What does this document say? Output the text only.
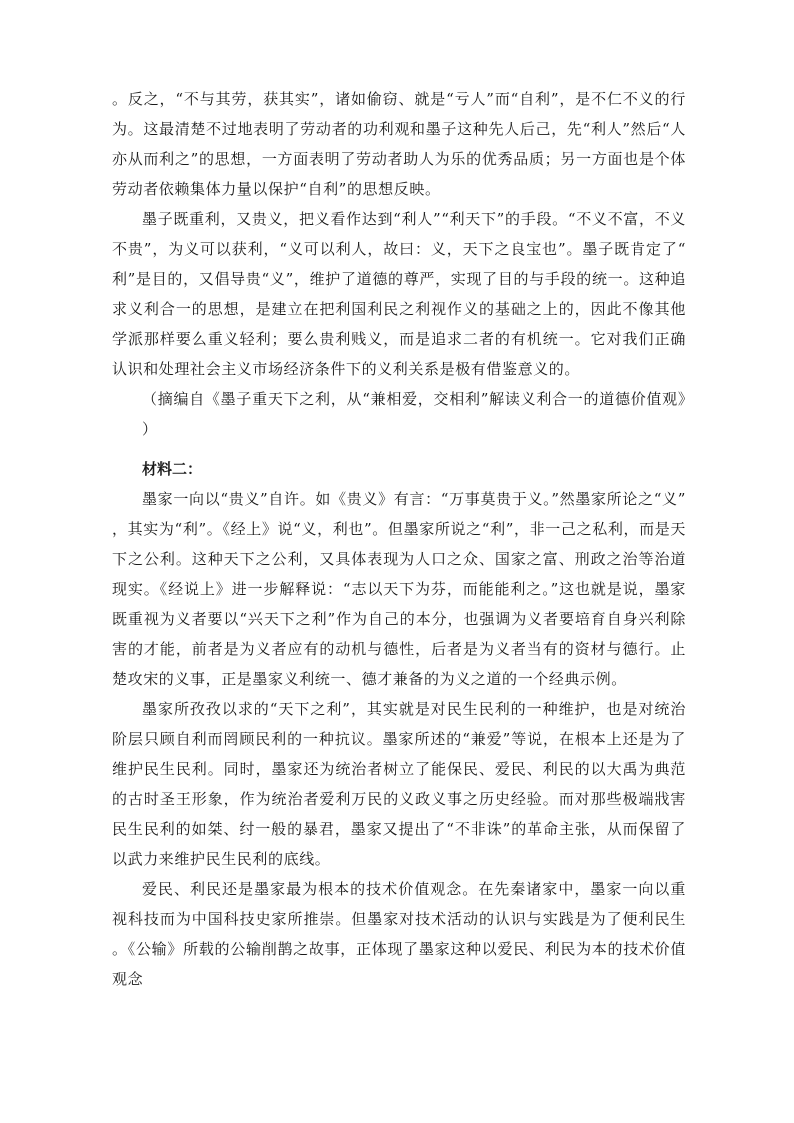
。反之，“不与其劳，获其实”，诸如偷窃、就是“亏人”而“自利”，是不仁不义的行为。这最清楚不过地表明了劳动者的功利观和墨子这种先人后己，先“利人”然后“人亦从而利之”的思想，一方面表明了劳动者助人为乐的优秀品质；另一方面也是个体劳动者依赖集体力量以保护“自利”的思想反映。

墨子既重利，又贵义，把义看作达到“利人”“利天下”的手段。“不义不富，不义不贵”，为义可以获利，“义可以利人，故曰：义，天下之良宝也”。墨子既肯定了“利”是目的，又倡导贵“义”，维护了道德的尊严，实现了目的与手段的统一。这种追求义利合一的思想，是建立在把利国利民之利视作义的基础之上的，因此不像其他学派那样要么重义轻利；要么贵利贱义，而是追求二者的有机统一。它对我们正确认识和处理社会主义市场经济条件下的义利关系是极有借鉴意义的。

（摘编自《墨子重天下之利，从“兼相爱，交相利”解读义利合一的道德价值观》）

材料二：

墨家一向以“贵义”自许。如《贵义》有言：“万事莫贵于义。”然墨家所论之“义”，其实为“利”。《经上》说“义，利也”。但墨家所说之“利”，非一己之私利，而是天下之公利。这种天下之公利，又具体表现为人口之众、国家之富、刑政之治等治道现实。《经说上》进一步解释说：“志以天下为芬，而能能利之。”这也就是说，墨家既重视为义者要以“兴天下之利”作为自己的本分，也强调为义者要培育自身兴利除害的才能，前者是为义者应有的动机与德性，后者是为义者当有的资材与德行。止楚攻宋的义事，正是墨家义利统一、德才兼备的为义之道的一个经典示例。

墨家所孜孜以求的“天下之利”，其实就是对民生民利的一种维护，也是对统治阶层只顾自利而罔顾民利的一种抗议。墨家所述的“兼爱”等说，在根本上还是为了维护民生民利。同时，墨家还为统治者树立了能保民、爱民、利民的以大禹为典范的古时圣王形象，作为统治者爱利万民的义政义事之历史经验。而对那些极端戕害民生民利的如桀、纣一般的暴君，墨家又提出了“不非诛”的革命主张，从而保留了以武力来维护民生民利的底线。

爱民、利民还是墨家最为根本的技术价值观念。在先秦诸家中，墨家一向以重视科技而为中国科技史家所推崇。但墨家对技术活动的认识与实践是为了便利民生。《公输》所载的公输削鹊之故事，正体现了墨家这种以爱民、利民为本的技术价值观念
